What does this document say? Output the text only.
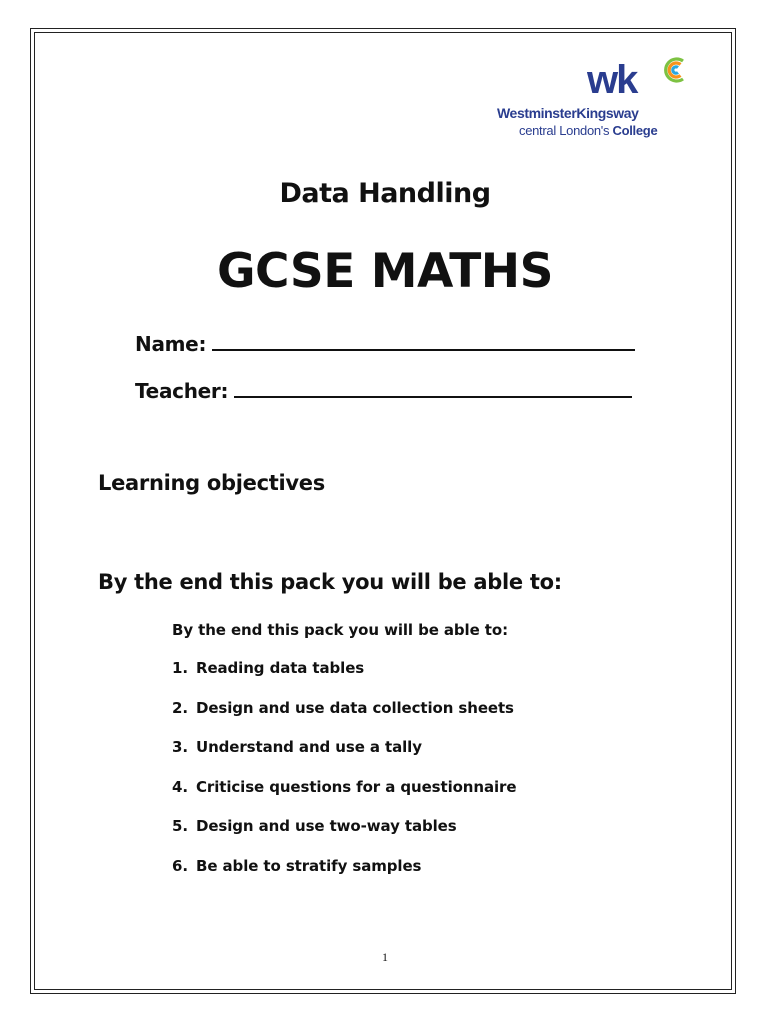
wk
WestminsterKingsway
central London's College
Data Handling
GCSE MATHS
Name:
Teacher:
Learning objectives
By the end this pack you will be able to:

By the end this pack you will be able to:

1. Reading data tables
2. Design and use data collection sheets
3. Understand and use a tally
4. Criticise questions for a questionnaire
5. Design and use two-way tables
6. Be able to stratify samples
1
